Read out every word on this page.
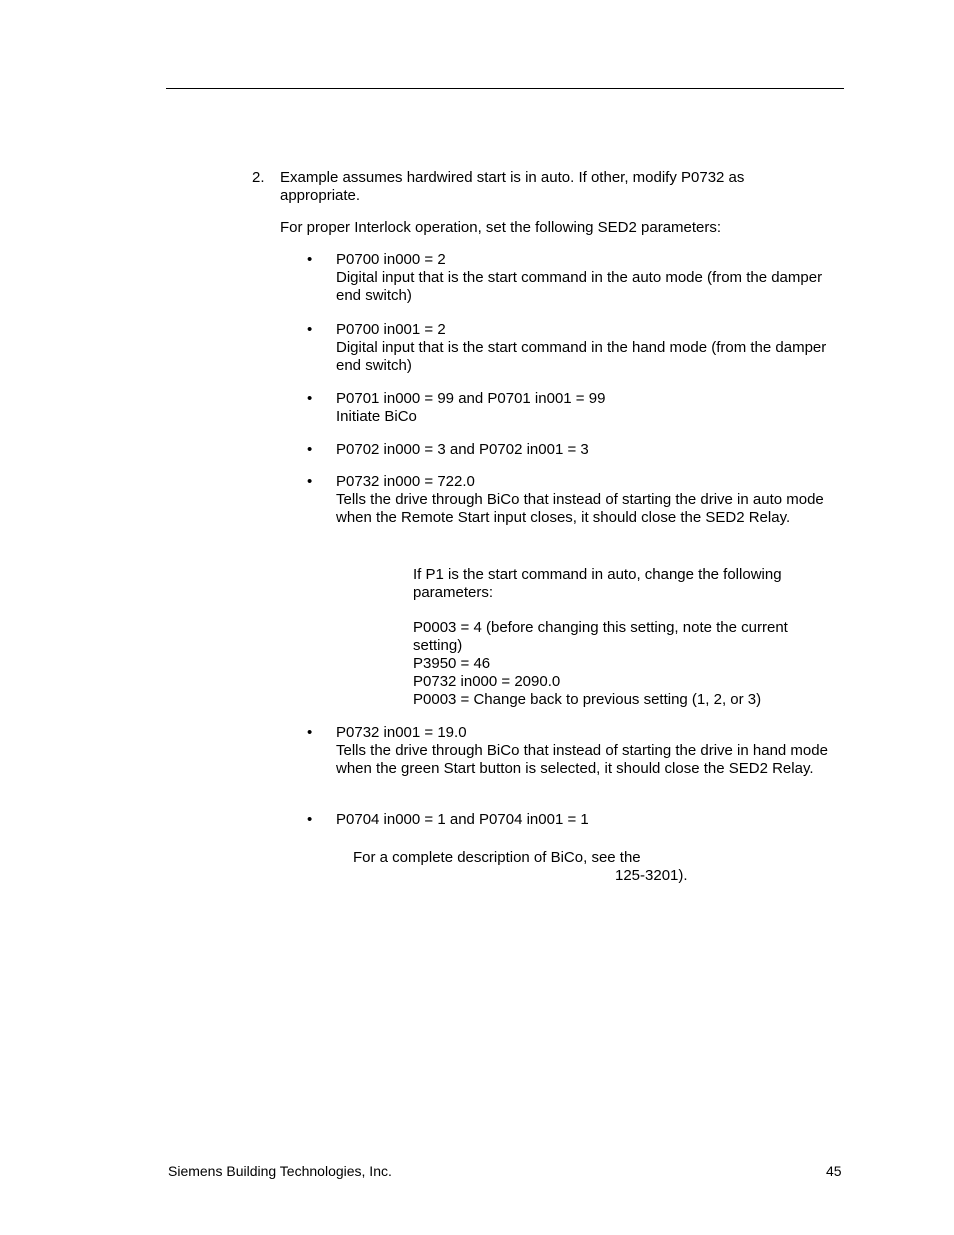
2. Example assumes hardwired start is in auto. If other, modify P0732 as appropriate.
For proper Interlock operation, set the following SED2 parameters:
• P0700 in000 = 2
Digital input that is the start command in the auto mode (from the damper end switch)
• P0700 in001 = 2
Digital input that is the start command in the hand mode (from the damper end switch)
• P0701 in000 = 99 and P0701 in001 = 99
Initiate BiCo
• P0702 in000 = 3 and P0702 in001 = 3
• P0732 in000 = 722.0
Tells the drive through BiCo that instead of starting the drive in auto mode when the Remote Start input closes, it should close the SED2 Relay.
If P1 is the start command in auto, change the following parameters:
P0003 = 4 (before changing this setting, note the current setting)
P3950 = 46
P0732 in000 = 2090.0
P0003 = Change back to previous setting (1, 2, or 3)
• P0732 in001 = 19.0
Tells the drive through BiCo that instead of starting the drive in hand mode when the green Start button is selected, it should close the SED2 Relay.
• P0704 in000 = 1 and P0704 in001 = 1
For a complete description of BiCo, see the
125-3201).
Siemens Building Technologies, Inc.	45
